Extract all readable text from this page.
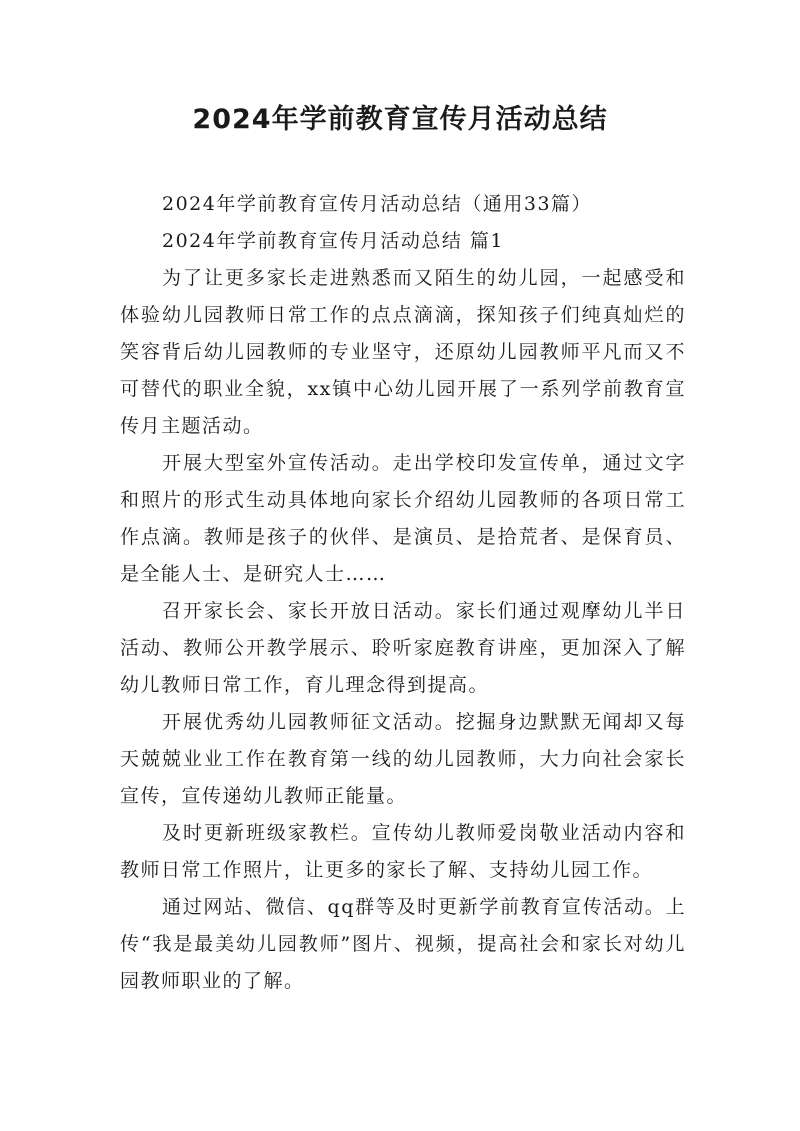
2024年学前教育宣传月活动总结

2024年学前教育宣传月活动总结（通用33篇）

2024年学前教育宣传月活动总结 篇1

为了让更多家长走进熟悉而又陌生的幼儿园，一起感受和体验幼儿园教师日常工作的点点滴滴，探知孩子们纯真灿烂的笑容背后幼儿园教师的专业坚守，还原幼儿园教师平凡而又不可替代的职业全貌，xx镇中心幼儿园开展了一系列学前教育宣传月主题活动。

开展大型室外宣传活动。走出学校印发宣传单，通过文字和照片的形式生动具体地向家长介绍幼儿园教师的各项日常工作点滴。教师是孩子的伙伴、是演员、是拾荒者、是保育员、是全能人士、是研究人士……

召开家长会、家长开放日活动。家长们通过观摩幼儿半日活动、教师公开教学展示、聆听家庭教育讲座，更加深入了解幼儿教师日常工作，育儿理念得到提高。

开展优秀幼儿园教师征文活动。挖掘身边默默无闻却又每天兢兢业业工作在教育第一线的幼儿园教师，大力向社会家长宣传，宣传递幼儿教师正能量。

及时更新班级家教栏。宣传幼儿教师爱岗敬业活动内容和教师日常工作照片，让更多的家长了解、支持幼儿园工作。

通过网站、微信、qq群等及时更新学前教育宣传活动。上传“我是最美幼儿园教师”图片、视频，提高社会和家长对幼儿园教师职业的了解。
